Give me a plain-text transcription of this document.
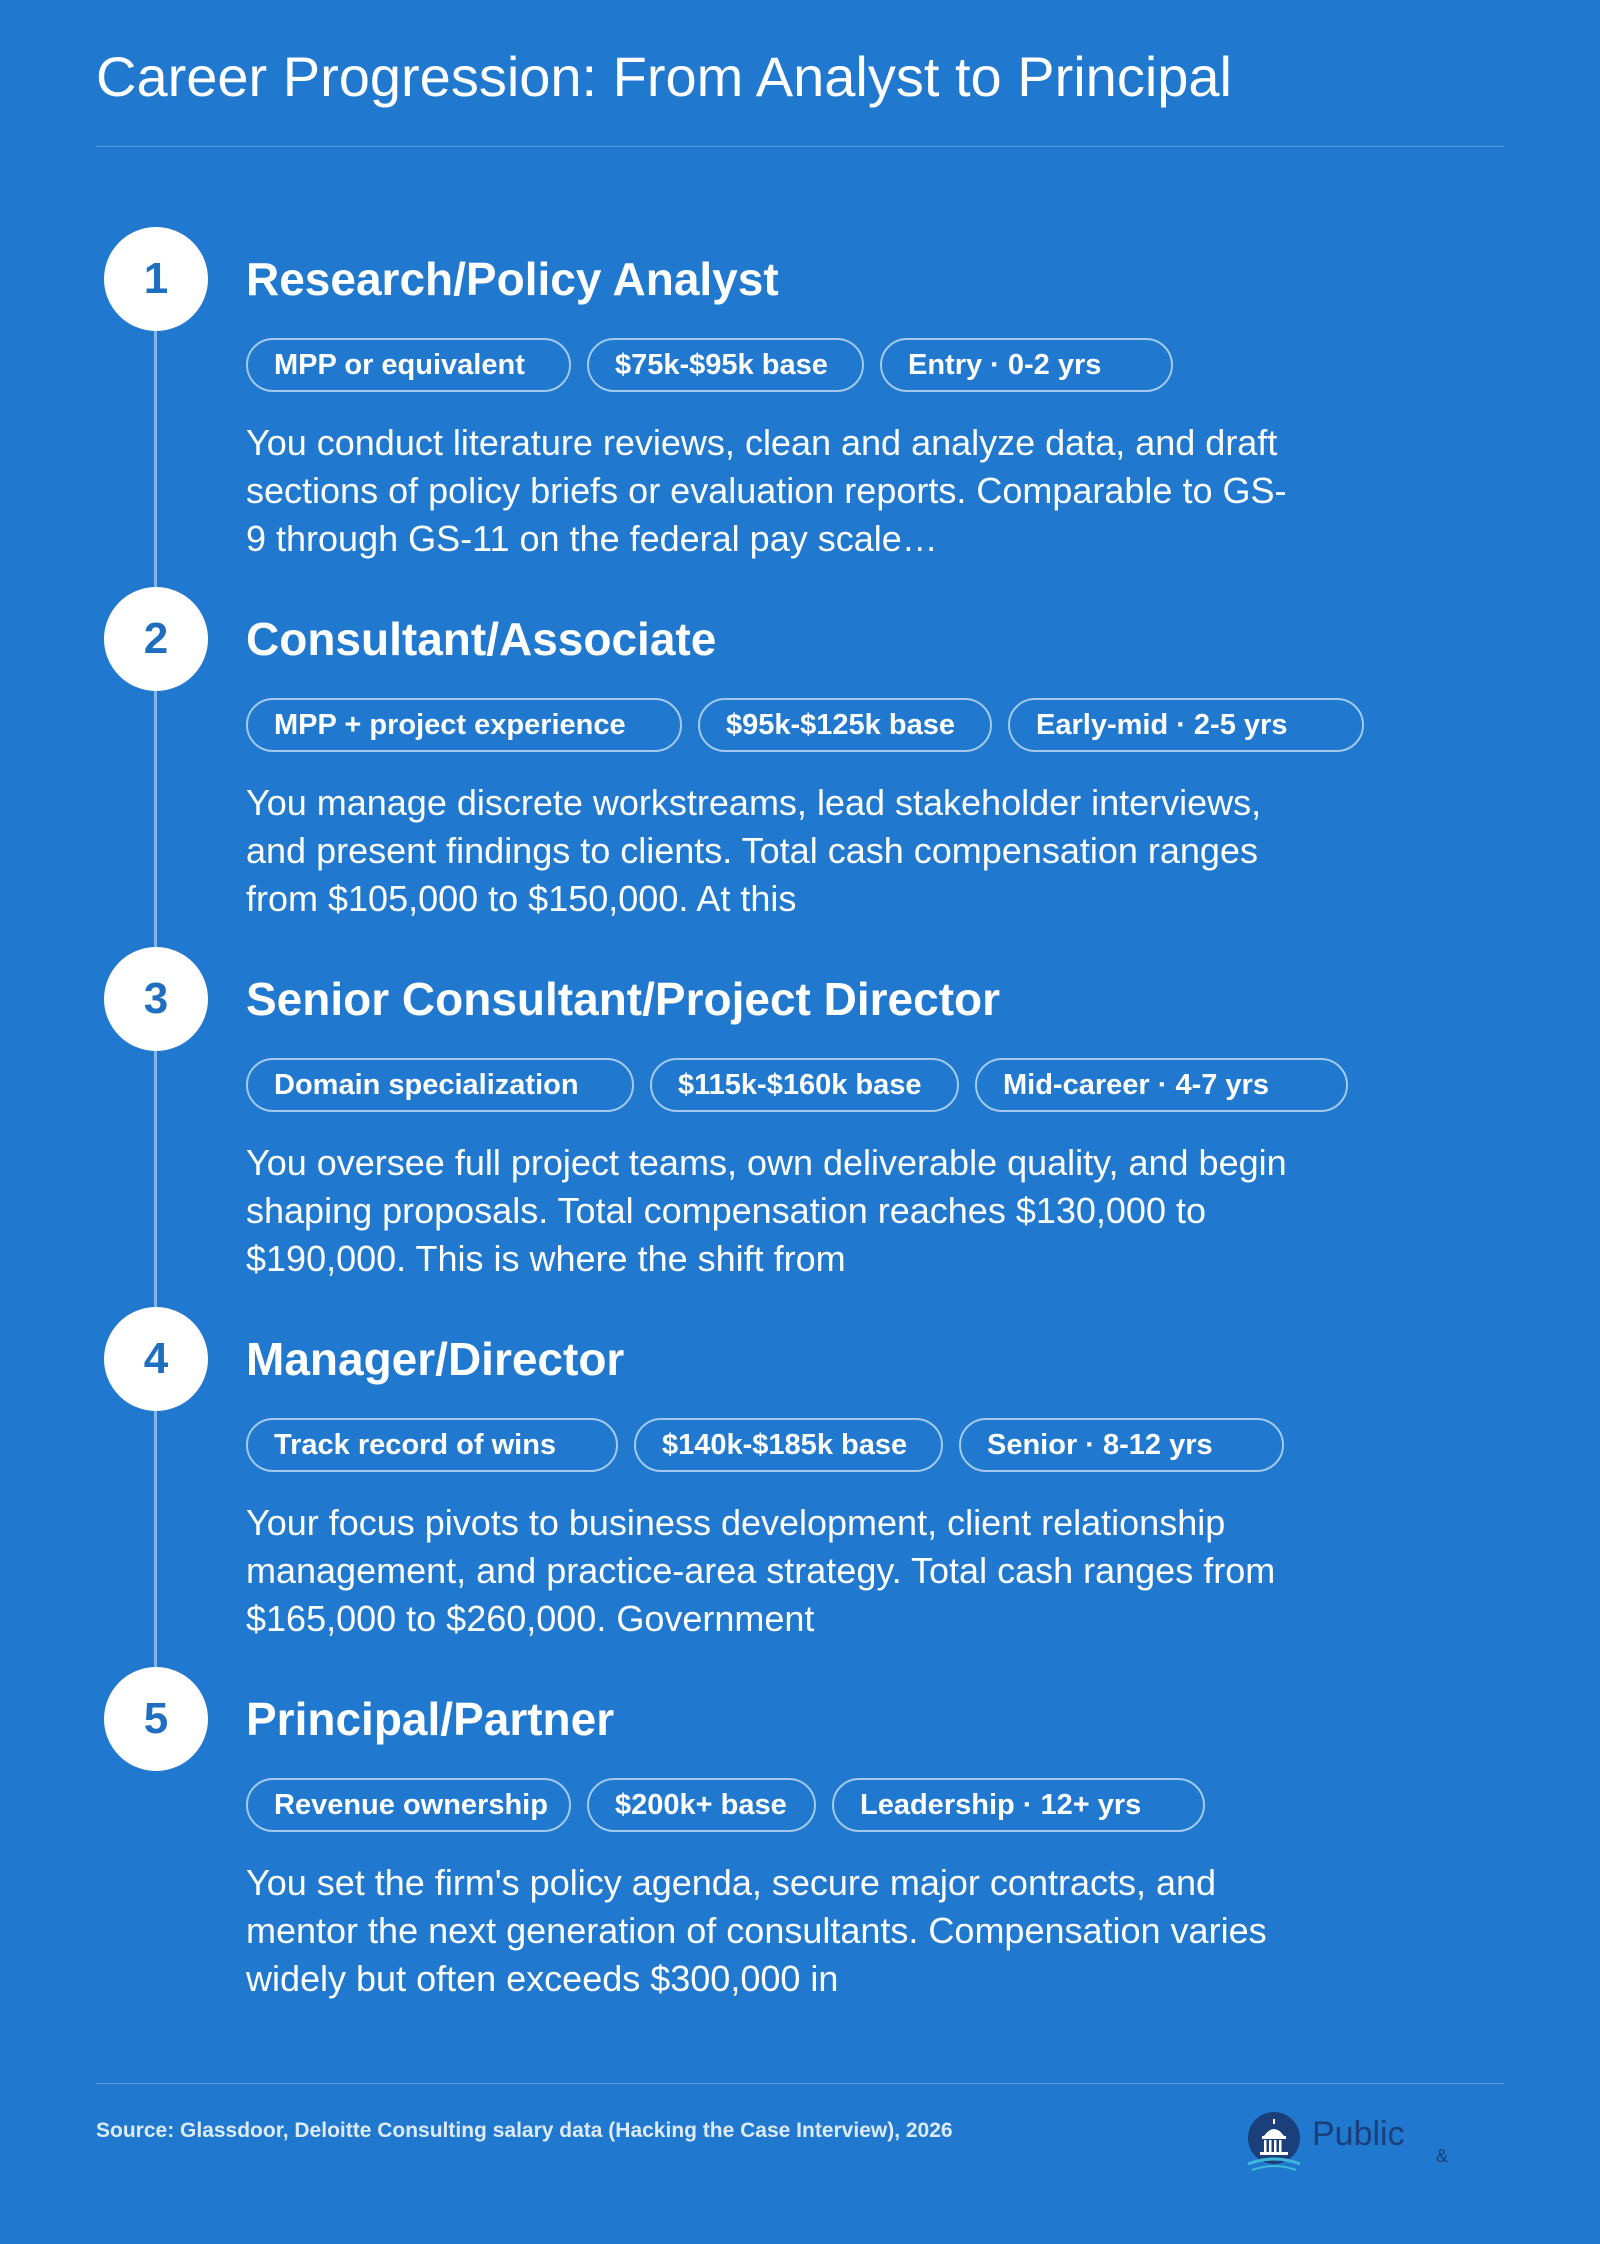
Career Progression: From Analyst to Principal
1	Research/Policy Analyst
MPP or equivalent	$75k-$95k base	Entry · 0-2 yrs

You conduct literature reviews, clean and analyze data, and draft sections of policy briefs or evaluation reports. Comparable to GS-9 through GS-11 on the federal pay scale…

2	Consultant/Associate
MPP + project experience	$95k-$125k base	Early-mid · 2-5 yrs

You manage discrete workstreams, lead stakeholder interviews, and present findings to clients. Total cash compensation ranges from $105,000 to $150,000. At this

3	Senior Consultant/Project Director
Domain specialization	$115k-$160k base	Mid-career · 4-7 yrs

You oversee full project teams, own deliverable quality, and begin shaping proposals. Total compensation reaches $130,000 to $190,000. This is where the shift from

4	Manager/Director
Track record of wins	$140k-$185k base	Senior · 8-12 yrs

Your focus pivots to business development, client relationship management, and practice-area strategy. Total cash ranges from $165,000 to $260,000. Government

5	Principal/Partner
Revenue ownership	$200k+ base	Leadership · 12+ yrs

You set the firm's policy agenda, secure major contracts, and mentor the next generation of consultants. Compensation varies widely but often exceeds $300,000 in

Source: Glassdoor, Deloitte Consulting salary data (Hacking the Case Interview), 2026	Public
&
